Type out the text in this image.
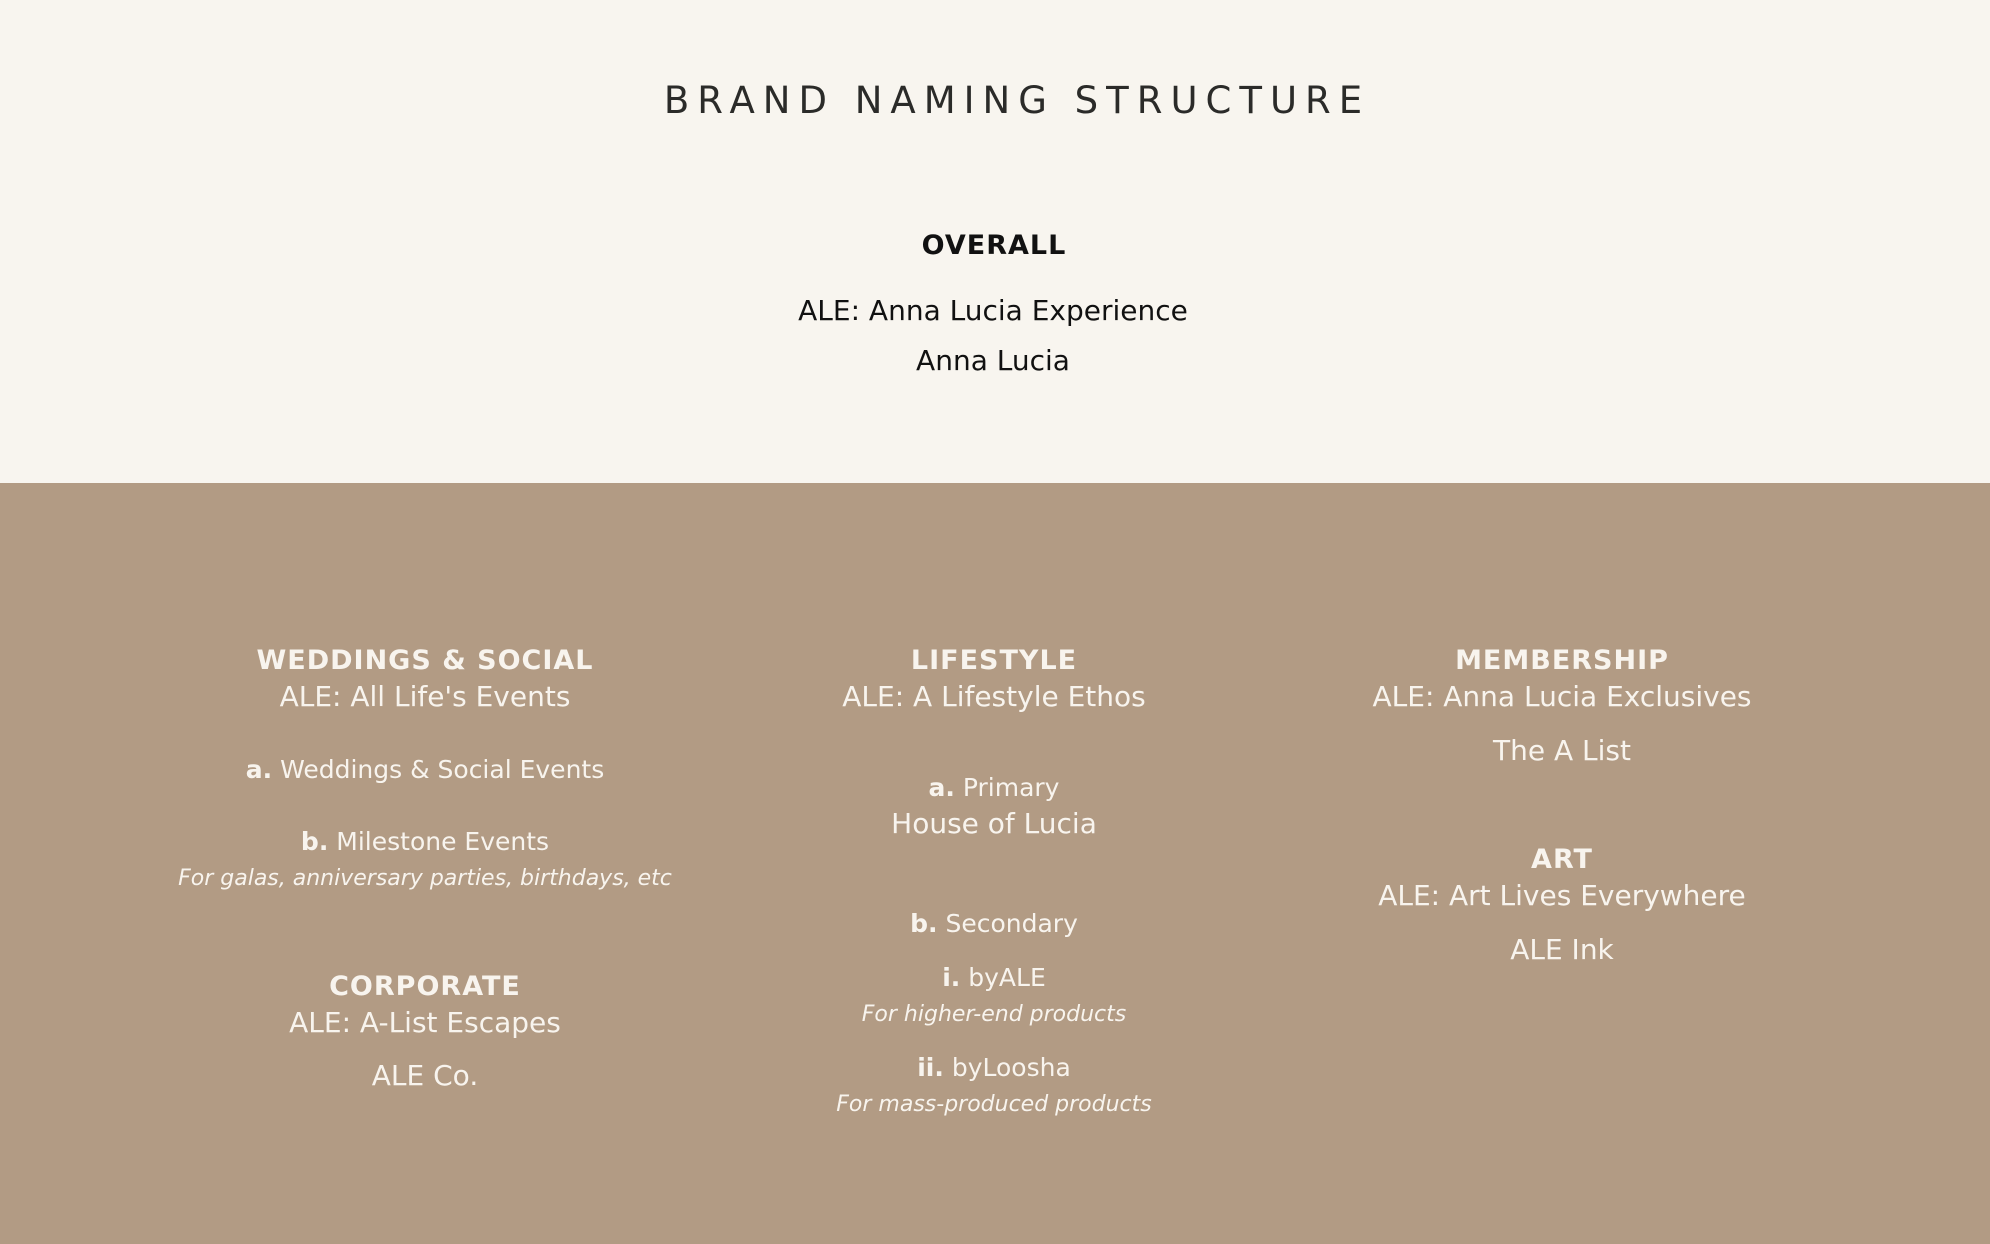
BRAND NAMING STRUCTURE
OVERALL
ALE: Anna Lucia Experience
Anna Lucia
WEDDINGS & SOCIAL
ALE: All Life's Events
a. Weddings & Social Events
b. Milestone Events
For galas, anniversary parties, birthdays, etc
CORPORATE
ALE: A-List Escapes
ALE Co.
LIFESTYLE
ALE: A Lifestyle Ethos
a. Primary
House of Lucia
b. Secondary
i. byALE
For higher-end products
ii. byLoosha
For mass-produced products
MEMBERSHIP
ALE: Anna Lucia Exclusives
The A List
ART
ALE: Art Lives Everywhere
ALE Ink
